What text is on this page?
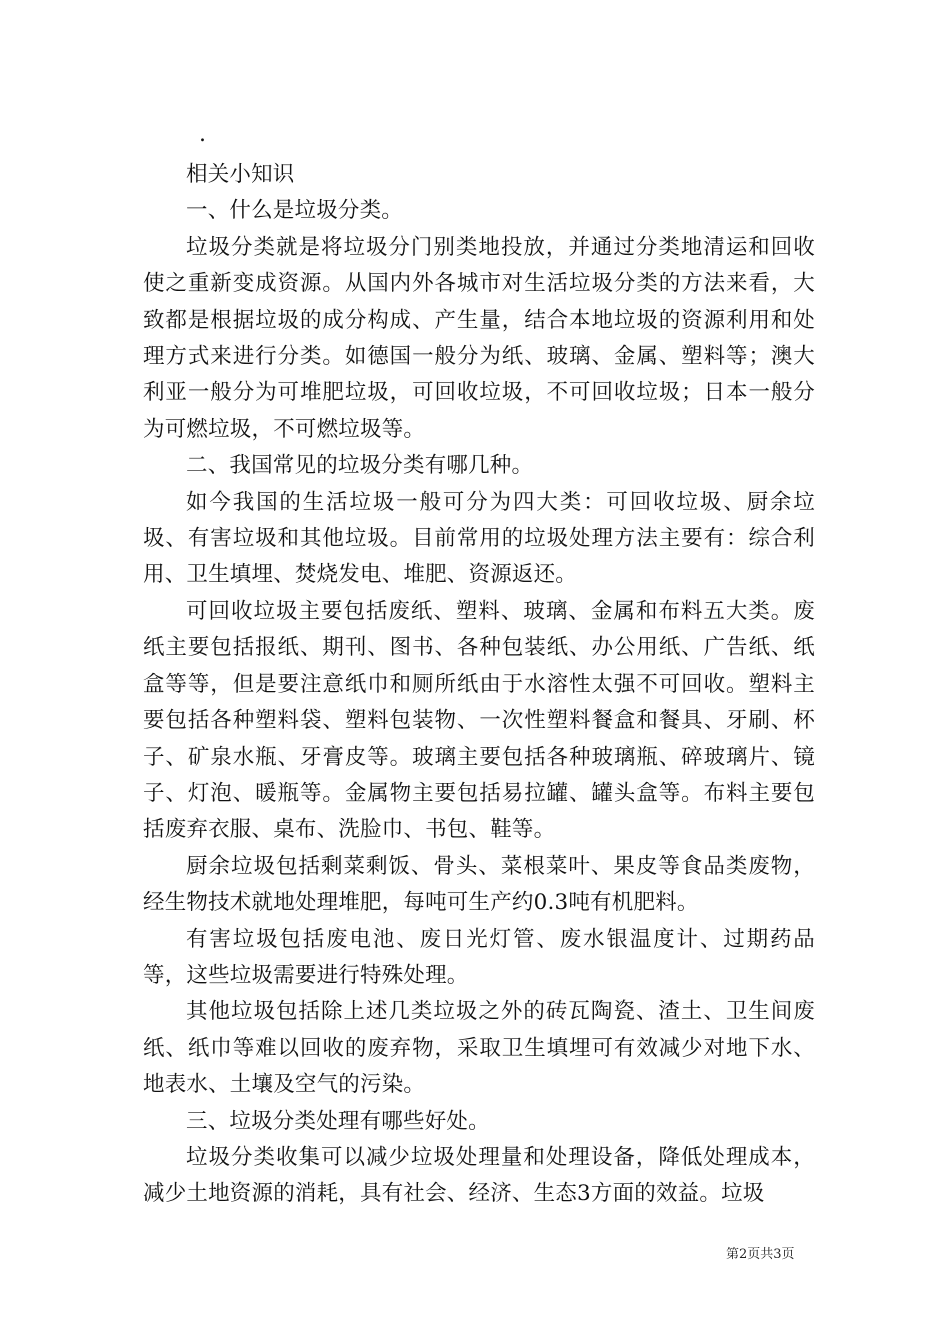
.

相关小知识

一、什么是垃圾分类。

垃圾分类就是将垃圾分门别类地投放，并通过分类地清运和回收使之重新变成资源。从国内外各城市对生活垃圾分类的方法来看，大致都是根据垃圾的成分构成、产生量，结合本地垃圾的资源利用和处理方式来进行分类。如德国一般分为纸、玻璃、金属、塑料等；澳大利亚一般分为可堆肥垃圾，可回收垃圾，不可回收垃圾；日本一般分为可燃垃圾，不可燃垃圾等。

二、我国常见的垃圾分类有哪几种。

如今我国的生活垃圾一般可分为四大类：可回收垃圾、厨余垃圾、有害垃圾和其他垃圾。目前常用的垃圾处理方法主要有：综合利用、卫生填埋、焚烧发电、堆肥、资源返还。

可回收垃圾主要包括废纸、塑料、玻璃、金属和布料五大类。废纸主要包括报纸、期刊、图书、各种包装纸、办公用纸、广告纸、纸盒等等，但是要注意纸巾和厕所纸由于水溶性太强不可回收。塑料主要包括各种塑料袋、塑料包装物、一次性塑料餐盒和餐具、牙刷、杯子、矿泉水瓶、牙膏皮等。玻璃主要包括各种玻璃瓶、碎玻璃片、镜子、灯泡、暖瓶等。金属物主要包括易拉罐、罐头盒等。布料主要包括废弃衣服、桌布、洗脸巾、书包、鞋等。

厨余垃圾包括剩菜剩饭、骨头、菜根菜叶、果皮等食品类废物，经生物技术就地处理堆肥，每吨可生产约0.3吨有机肥料。

有害垃圾包括废电池、废日光灯管、废水银温度计、过期药品等，这些垃圾需要进行特殊处理。

其他垃圾包括除上述几类垃圾之外的砖瓦陶瓷、渣土、卫生间废纸、纸巾等难以回收的废弃物，采取卫生填埋可有效减少对地下水、地表水、土壤及空气的污染。

三、垃圾分类处理有哪些好处。

垃圾分类收集可以减少垃圾处理量和处理设备，降低处理成本，减少土地资源的消耗，具有社会、经济、生态3方面的效益。垃圾

第2页共3页
